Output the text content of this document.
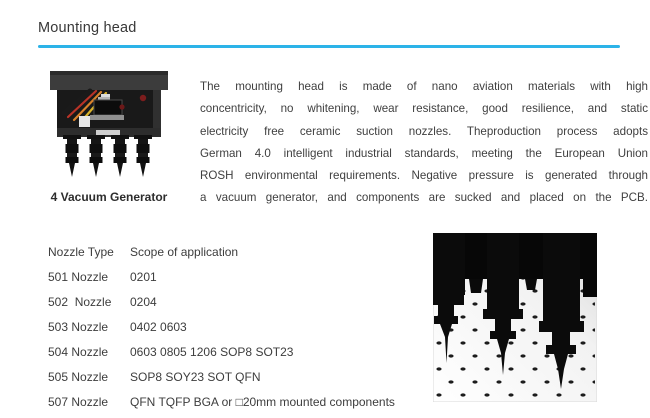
Mounting head
4 Vacuum Generator
The mounting head is made of nano aviation materials with high
concentricity, no whitening, wear resistance, good resilience, and static
electricity free ceramic suction nozzles. Theproduction process adopts
German 4.0 intelligent industrial standards, meeting the European Union
ROSH environmental requirements. Negative pressure is generated through
a vacuum generator, and components are sucked and placed on the PCB.
Nozzle Type	Scope of application
501 Nozzle	0201
502  Nozzle	0204
503 Nozzle	0402 0603
504 Nozzle	0603 0805 1206 SOP8 SOT23
505 Nozzle	SOP8 SOY23 SOT QFN
507 Nozzle	QFN TQFP BGA or □20mm mounted components
